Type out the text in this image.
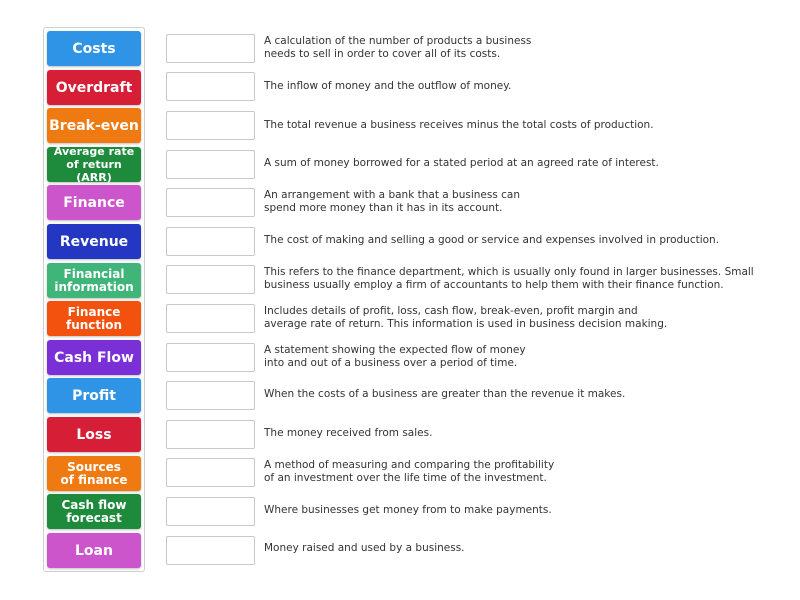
Costs
Overdraft
Break-even
Average rate
of return (ARR)
Finance
Revenue
Financial
information
Finance
function
Cash Flow
Profit
Loss
Sources
of finance
Cash flow
forecast
Loan
A calculation of the number of products a business
needs to sell in order to cover all of its costs.
The inflow of money and the outflow of money.
The total revenue a business receives minus the total costs of production.
A sum of money borrowed for a stated period at an agreed rate of interest.
An arrangement with a bank that a business can
spend more money than it has in its account.
The cost of making and selling a good or service and expenses involved in production.
This refers to the finance department, which is usually only found in larger businesses. Small
business usually employ a firm of accountants to help them with their finance function.
Includes details of profit, loss, cash flow, break-even, profit margin and
average rate of return. This information is used in business decision making.
A statement showing the expected flow of money
into and out of a business over a period of time.
When the costs of a business are greater than the revenue it makes.
The money received from sales.
A method of measuring and comparing the profitability
of an investment over the life time of the investment.
Where businesses get money from to make payments.
Money raised and used by a business.
